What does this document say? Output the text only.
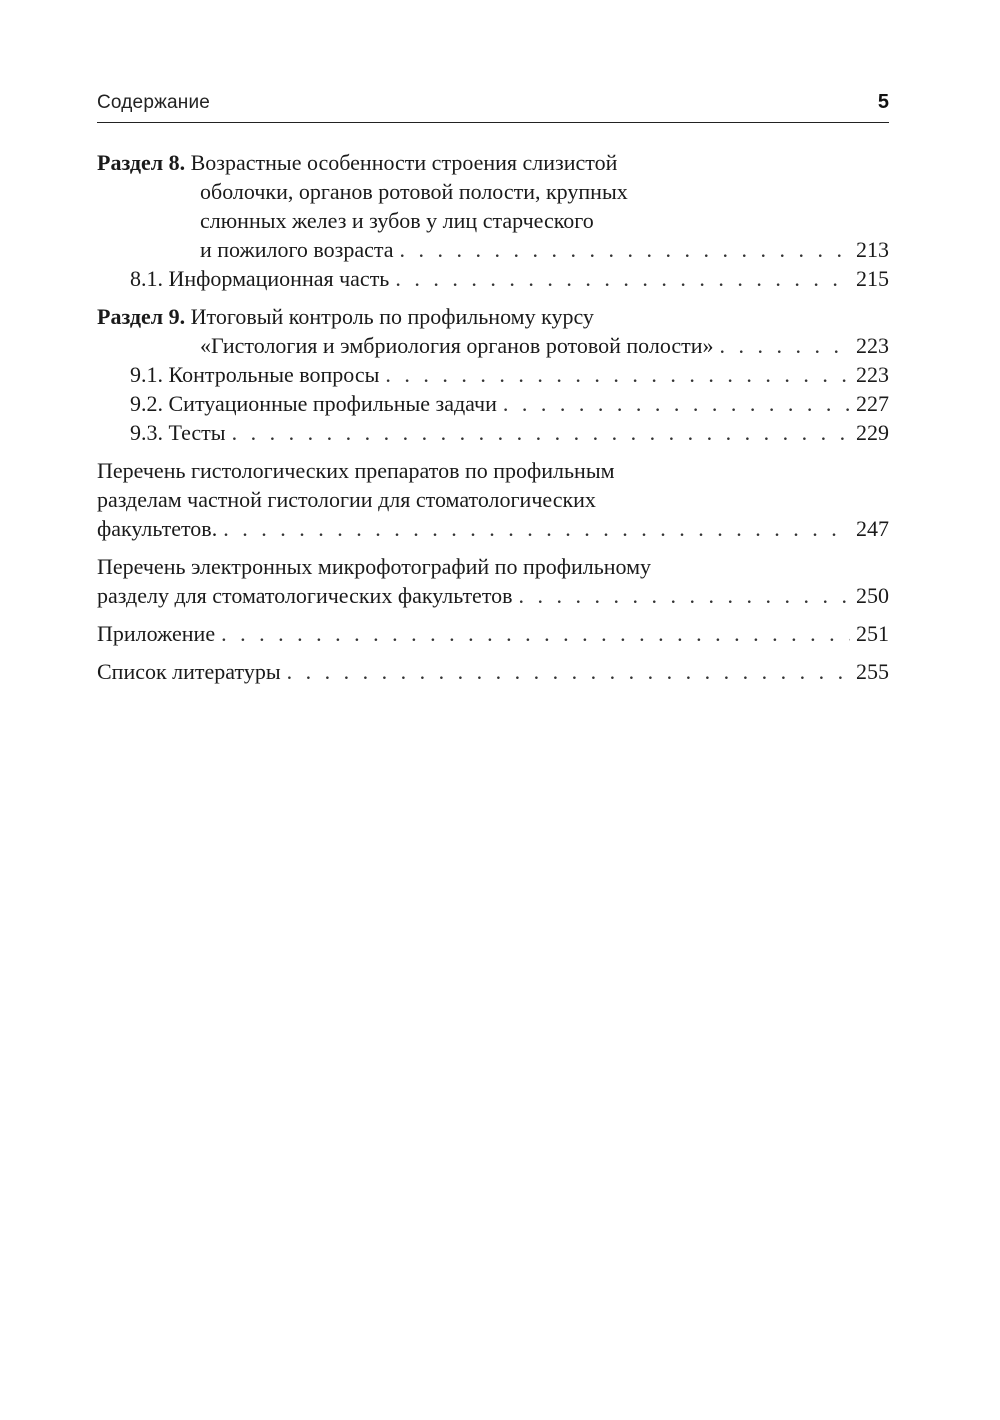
Содержание	5
Раздел 8. Возрастные особенности строения слизистой
оболочки, органов ротовой полости, крупных
слюнных желез и зубов у лиц старческого
и пожилого возраста . . .	213
8.1. Информационная часть . . .	215
Раздел 9. Итоговый контроль по профильному курсу
«Гистология и эмбриология органов ротовой полости» . . .	223
9.1. Контрольные вопросы . . .	223
9.2. Ситуационные профильные задачи . . .	227
9.3. Тесты . . .	229
Перечень гистологических препаратов по профильным
разделам частной гистологии для стоматологических
факультетов. . . .	247
Перечень электронных микрофотографий по профильному
разделу для стоматологических факультетов . . .	250
Приложение . . .	251
Список литературы . . .	255
